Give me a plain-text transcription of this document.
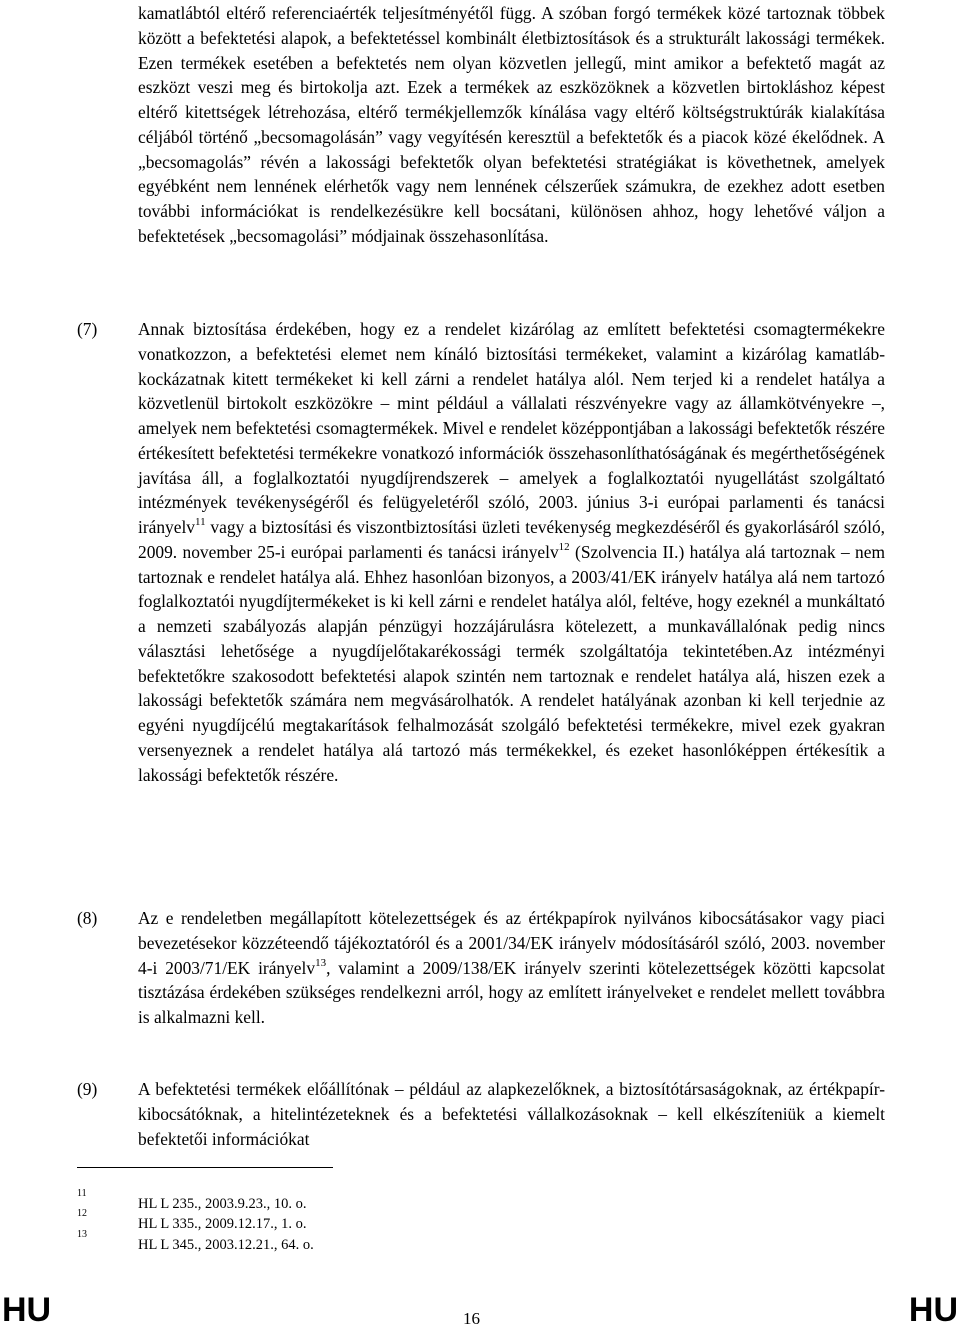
kamatlábtól eltérő referenciaérték teljesítményétől függ. A szóban forgó termékek közé tartoznak többek között a befektetési alapok, a befektetéssel kombinált életbiztosítások és a strukturált lakossági termékek. Ezen termékek esetében a befektetés nem olyan közvetlen jellegű, mint amikor a befektető magát az eszközt veszi meg és birtokolja azt. Ezek a termékek az eszközöknek a közvetlen birtokláshoz képest eltérő kitettségek létrehozása, eltérő termékjellemzők kínálása vagy eltérő költségstruktúrák kialakítása céljából történő „becsomagolásán” vagy vegyítésén keresztül a befektetők és a piacok közé ékelődnek. A „becsomagolás” révén a lakossági befektetők olyan befektetési stratégiákat is követhetnek, amelyek egyébként nem lennének elérhetők vagy nem lennének célszerűek számukra, de ezekhez adott esetben további információkat is rendelkezésükre kell bocsátani, különösen ahhoz, hogy lehetővé váljon a befektetések „becsomagolási” módjainak összehasonlítása.
(7) Annak biztosítása érdekében, hogy ez a rendelet kizárólag az említett befektetési csomagtermékekre vonatkozzon, a befektetési elemet nem kínáló biztosítási termékeket, valamint a kizárólag kamatláb-kockázatnak kitett termékeket ki kell zárni a rendelet hatálya alól. Nem terjed ki a rendelet hatálya a közvetlenül birtokolt eszközökre – mint például a vállalati részvényekre vagy az államkötvényekre –, amelyek nem befektetési csomagtermékek. Mivel e rendelet középpontjában a lakossági befektetők részére értékesített befektetési termékekre vonatkozó információk összehasonlíthatóságának és megérthetőségének javítása áll, a foglalkoztatói nyugdíjrendszerek – amelyek a foglalkoztatói nyugellátást szolgáltató intézmények tevékenységéről és felügyeletéről szóló, 2003. június 3-i európai parlamenti és tanácsi irányelv$^{11}$ vagy a biztosítási és viszontbiztosítási üzleti tevékenység megkezdéséről és gyakorlásáról szóló, 2009. november 25-i európai parlamenti és tanácsi irányelv$^{12}$ (Szolvencia II.) hatálya alá tartoznak – nem tartoznak e rendelet hatálya alá. Ehhez hasonlóan bizonyos, a 2003/41/EK irányelv hatálya alá nem tartozó foglalkoztatói nyugdíjtermékeket is ki kell zárni e rendelet hatálya alól, feltéve, hogy ezeknél a munkáltató a nemzeti szabályozás alapján pénzügyi hozzájárulásra kötelezett, a munkavállalónak pedig nincs választási lehetősége a nyugdíjelőtakarékossági termék szolgáltatója tekintetében.Az intézményi befektetőkre szakosodott befektetési alapok szintén nem tartoznak e rendelet hatálya alá, hiszen ezek a lakossági befektetők számára nem megvásárolhatók. A rendelet hatályának azonban ki kell terjednie az egyéni nyugdíjcélú megtakarítások felhalmozását szolgáló befektetési termékekre, mivel ezek gyakran versenyeznek a rendelet hatálya alá tartozó más termékekkel, és ezeket hasonlóképpen értékesítik a lakossági befektetők részére.
(8) Az e rendeletben megállapított kötelezettségek és az értékpapírok nyilvános kibocsátásakor vagy piaci bevezetésekor közzéteendő tájékoztatóról és a 2001/34/EK irányelv módosításáról szóló, 2003. november 4-i 2003/71/EK irányelv$^{13}$, valamint a 2009/138/EK irányelv szerinti kötelezettségek közötti kapcsolat tisztázása érdekében szükséges rendelkezni arról, hogy az említett irányelveket e rendelet mellett továbbra is alkalmazni kell.
(9) A befektetési termékek előállítónak – például az alapkezelőknek, a biztosítótársaságoknak, az értékpapír-kibocsátóknak, a hitelintézeteknek és a befektetési vállalkozásoknak – kell elkészíteniük a kiemelt befektetői információkat
11
HL L 235., 2003.9.23., 10. o.
12
HL L 335., 2009.12.17., 1. o.
13
HL L 345., 2003.12.21., 64. o.
HU	16	HU
